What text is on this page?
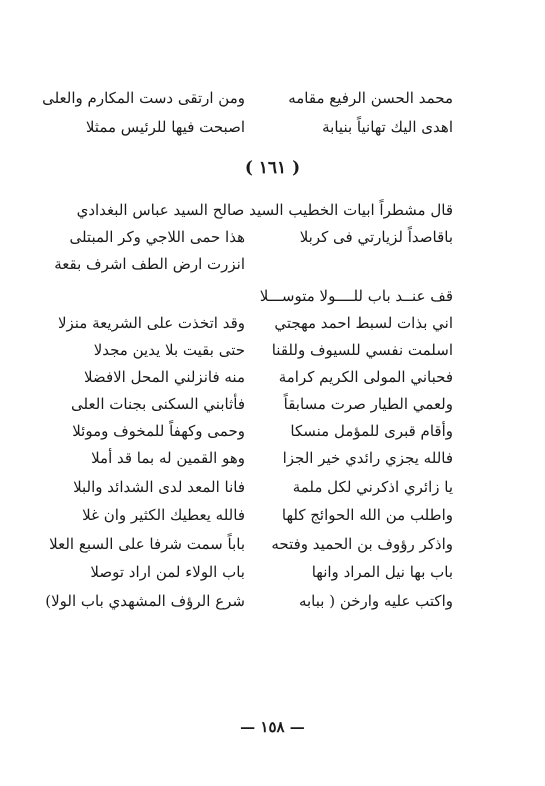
محمد الحسن الرفيع مقامه
ومن ارتقى دست المكارم والعلى
اهدى اليك تهانياً بنيابة
اصبحت فيها للرئيس ممثلا
( ١٦١ )
قال مشطراً ابيات الخطيب السيد صالح السيد عباس البغدادي
باقاصداً لزيارتي فى كربلا
هذا حمى اللاجي وكر المبتلى
انزرت ارض الطف اشرف بقعة
قف عنــد باب للــــولا متوســـلا
اني بذات لسبط احمد مهجتي
وقد اتخذت على الشريعة منزلا
اسلمت نفسي للسيوف وللقنا
حتى بقيت بلا يدين مجدلا
فحباني المولى الكريم كرامة
منه فانزلني المحل الافضلا
ولعمي الطيار صرت مسابقاً
فأثابني السكنى بجنات العلى
وأقام قبرى للمؤمل منسكا
وحمى وكهفاً للمخوف وموئلا
فالله يجزي رائدي خير الجزا
وهو القمين له بما قد أملا
يا زائري اذكرني لكل ملمة
فانا المعد لدى الشدائد والبلا
واطلب من الله الحوائج كلها
فالله يعطيك الكثير وان غلا
واذكر رؤوف بن الحميد وفتحه
باباً سمت شرفا على السبع العلا
باب بها نيل المراد وانها
باب الولاء لمن اراد توصلا
واكتب عليه وارخن ( ببابه
شرع الرؤف المشهدي باب الولا)
— ١٥٨ —
